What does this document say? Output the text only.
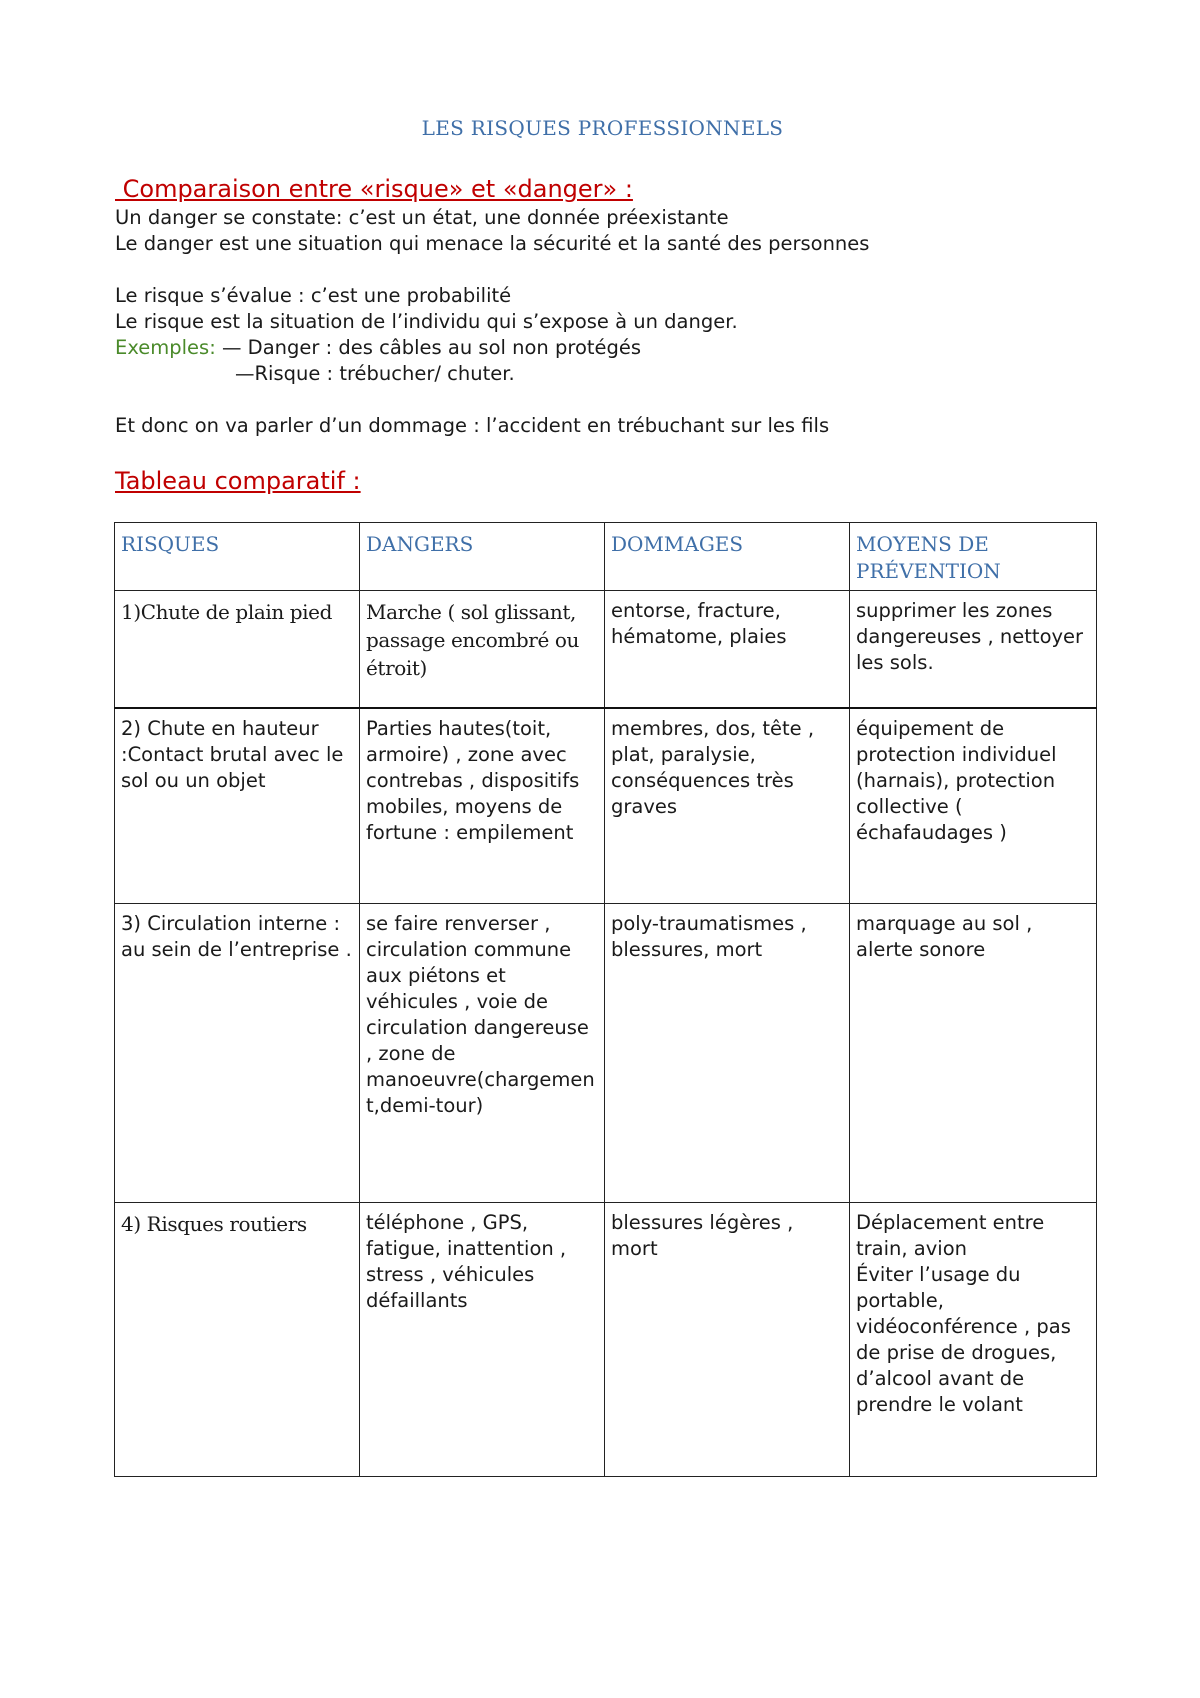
LES RISQUES PROFESSIONNELS
Comparaison entre «risque» et «danger» :
Un danger se constate: c’est un état, une donnée préexistante
Le danger est une situation qui menace la sécurité et la santé des personnes
Le risque s’évalue : c’est une probabilité
Le risque est la situation de l’individu qui s’expose à un danger.
Exemples: — Danger : des câbles au sol non protégés
—Risque : trébucher/ chuter.
Et donc on va parler d’un dommage : l’accident en trébuchant sur les fils
Tableau comparatif :
RISQUES	DANGERS	DOMMAGES	MOYENS DE PRÉVENTION
1)Chute de plain pied	Marche ( sol glissant, passage encombré ou étroit)	entorse, fracture, hématome, plaies	supprimer les zones dangereuses , nettoyer les sols.
2) Chute en hauteur :Contact brutal avec le sol ou un objet	Parties hautes(toit, armoire) , zone avec contrebas , dispositifs mobiles, moyens de fortune : empilement	membres, dos, tête , plat, paralysie, conséquences très graves	équipement de protection individuel (harnais), protection collective ( échafaudages )
3) Circulation interne : au sein de l’entreprise .	se faire renverser , circulation commune aux piétons et véhicules , voie de circulation dangereuse , zone de manoeuvre(chargement,demi-tour)	poly-traumatismes , blessures, mort	marquage au sol , alerte sonore
4) Risques routiers	téléphone , GPS, fatigue, inattention , stress , véhicules défaillants	blessures légères , mort	Déplacement entre train, avion
Éviter l’usage du portable, vidéoconférence , pas de prise de drogues, d’alcool avant de prendre le volant
